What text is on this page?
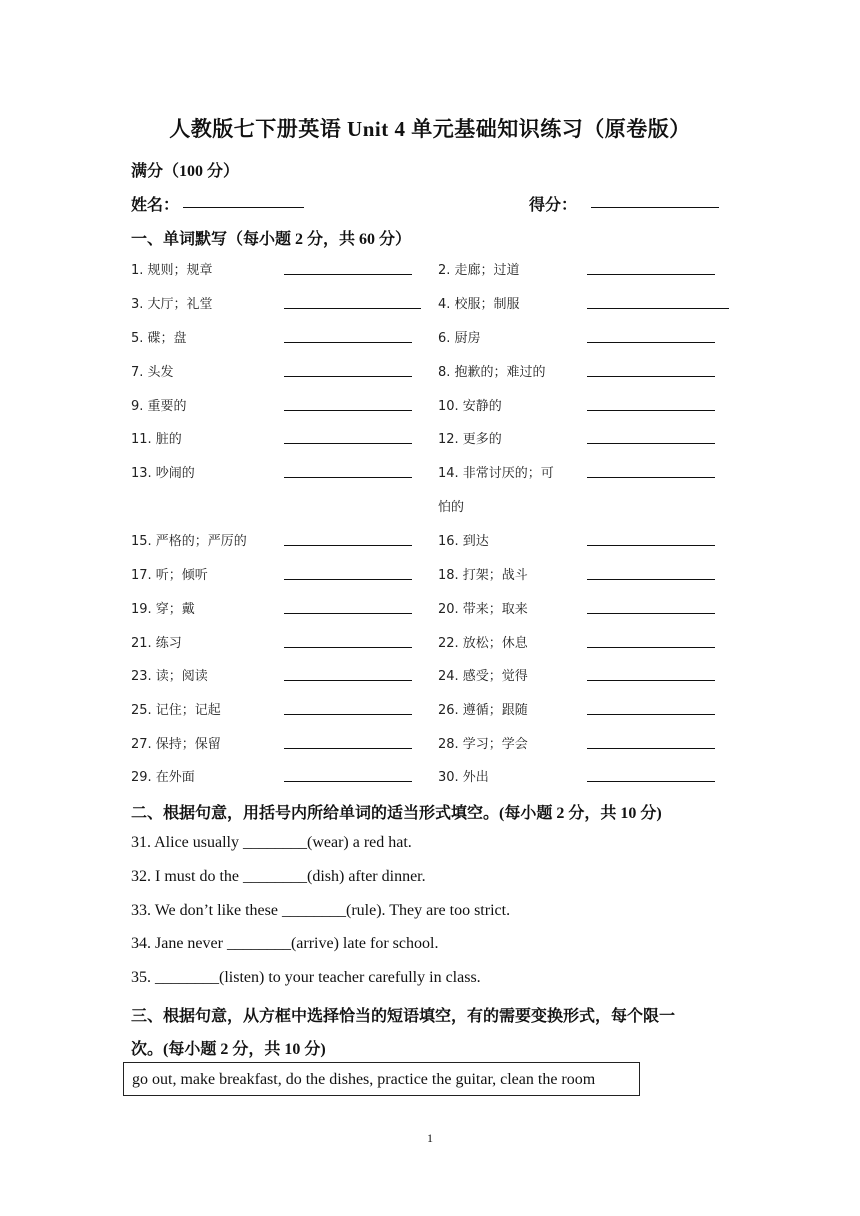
人教版七下册英语 Unit 4 单元基础知识练习（原卷版）
满分（100 分）
姓名：	得分：
一、单词默写（每小题 2 分，共 60 分）
1. 规则；规章	2. 走廊；过道
3. 大厅；礼堂	4. 校服；制服
5. 碟；盘	6. 厨房
7. 头发	8. 抱歉的；难过的
9. 重要的	10. 安静的
11. 脏的	12. 更多的
13. 吵闹的	14. 非常讨厌的；可
怕的
15. 严格的；严厉的	16. 到达
17. 听；倾听	18. 打架；战斗
19. 穿；戴	20. 带来；取来
21. 练习	22. 放松；休息
23. 读；阅读	24. 感受；觉得
25. 记住；记起	26. 遵循；跟随
27. 保持；保留	28. 学习；学会
29. 在外面	30. 外出
二、根据句意，用括号内所给单词的适当形式填空。(每小题 2 分，共 10 分)
31. Alice usually ________(wear) a red hat.
32. I must do the ________(dish) after dinner.
33. We don’t like these ________(rule). They are too strict.
34. Jane never ________(arrive) late for school.
35. ________(listen) to your teacher carefully in class.
三、根据句意，从方框中选择恰当的短语填空，有的需要变换形式，每个限一
次。(每小题 2 分，共 10 分)
go out, make breakfast, do the dishes, practice the guitar, clean the room
1
